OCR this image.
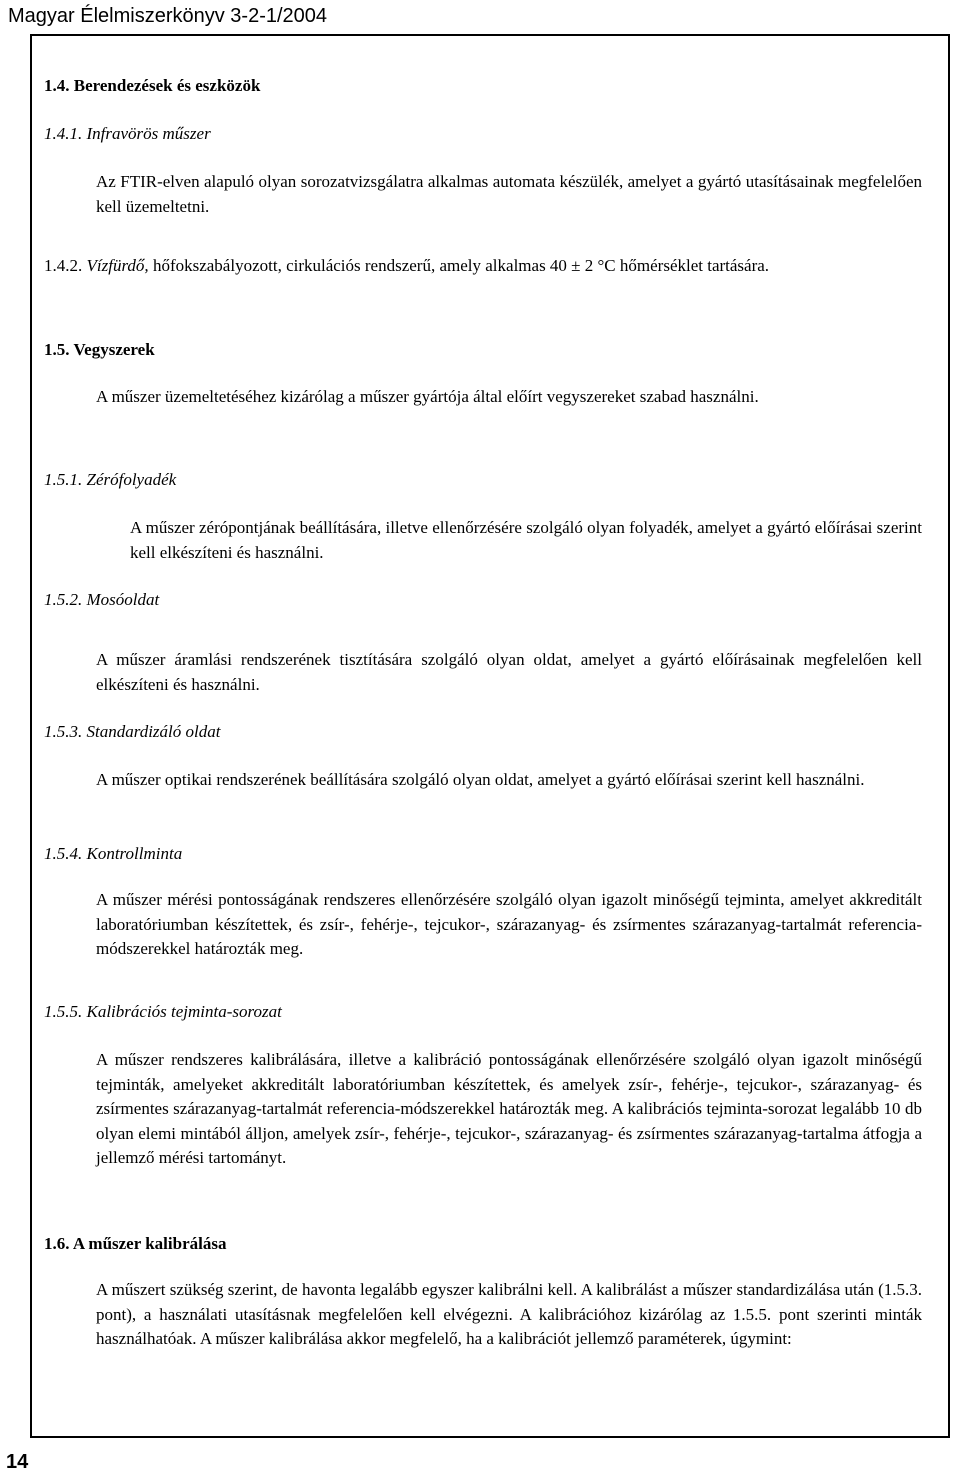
Magyar Élelmiszerkönyv 3-2-1/2004
1.4. Berendezések és eszközök
1.4.1. Infravörös műszer

Az FTIR-elven alapuló olyan sorozatvizsgálatra alkalmas automata készülék, amelyet a gyártó utasításainak megfelelően kell üzemeltetni.

1.4.2. Vízfürdő, hőfokszabályozott, cirkulációs rendszerű, amely alkalmas 40 ± 2 °C hőmérséklet tartására.

1.5. Vegyszerek

A műszer üzemeltetéséhez kizárólag a műszer gyártója által előírt vegyszereket szabad használni.

1.5.1. Zérófolyadék

A műszer zérópontjának beállítására, illetve ellenőrzésére szolgáló olyan folyadék, amelyet a gyártó előírásai szerint kell elkészíteni és használni.

1.5.2. Mosóoldat

A műszer áramlási rendszerének tisztítására szolgáló olyan oldat, amelyet a gyártó előírásainak megfelelően kell elkészíteni és használni.

1.5.3. Standardizáló oldat

A műszer optikai rendszerének beállítására szolgáló olyan oldat, amelyet a gyártó előírásai szerint kell használni.

1.5.4. Kontrollminta

A műszer mérési pontosságának rendszeres ellenőrzésére szolgáló olyan igazolt minőségű tejminta, amelyet akkreditált laboratóriumban készítettek, és zsír-, fehérje-, tejcukor-, szárazanyag- és zsírmentes szárazanyag-tartalmát referencia-módszerekkel határozták meg.

1.5.5. Kalibrációs tejminta-sorozat

A műszer rendszeres kalibrálására, illetve a kalibráció pontosságának ellenőrzésére szolgáló olyan igazolt minőségű tejminták, amelyeket akkreditált laboratóriumban készítettek, és amelyek zsír-, fehérje-, tejcukor-, szárazanyag- és zsírmentes szárazanyag-tartalmát referencia-módszerekkel határozták meg. A kalibrációs tejminta-sorozat legalább 10 db olyan elemi mintából álljon, amelyek zsír-, fehérje-, tejcukor-, szárazanyag- és zsírmentes szárazanyag-tartalma átfogja a jellemző mérési tartományt.

1.6. A műszer kalibrálása

A műszert szükség szerint, de havonta legalább egyszer kalibrálni kell. A kalibrálást a műszer standardizálása után (1.5.3. pont), a használati utasításnak megfelelően kell elvégezni. A kalibrációhoz kizárólag az 1.5.5. pont szerinti minták használhatóak. A műszer kalibrálása akkor megfelelő, ha a kalibrációt jellemző paraméterek, úgymint:

14
